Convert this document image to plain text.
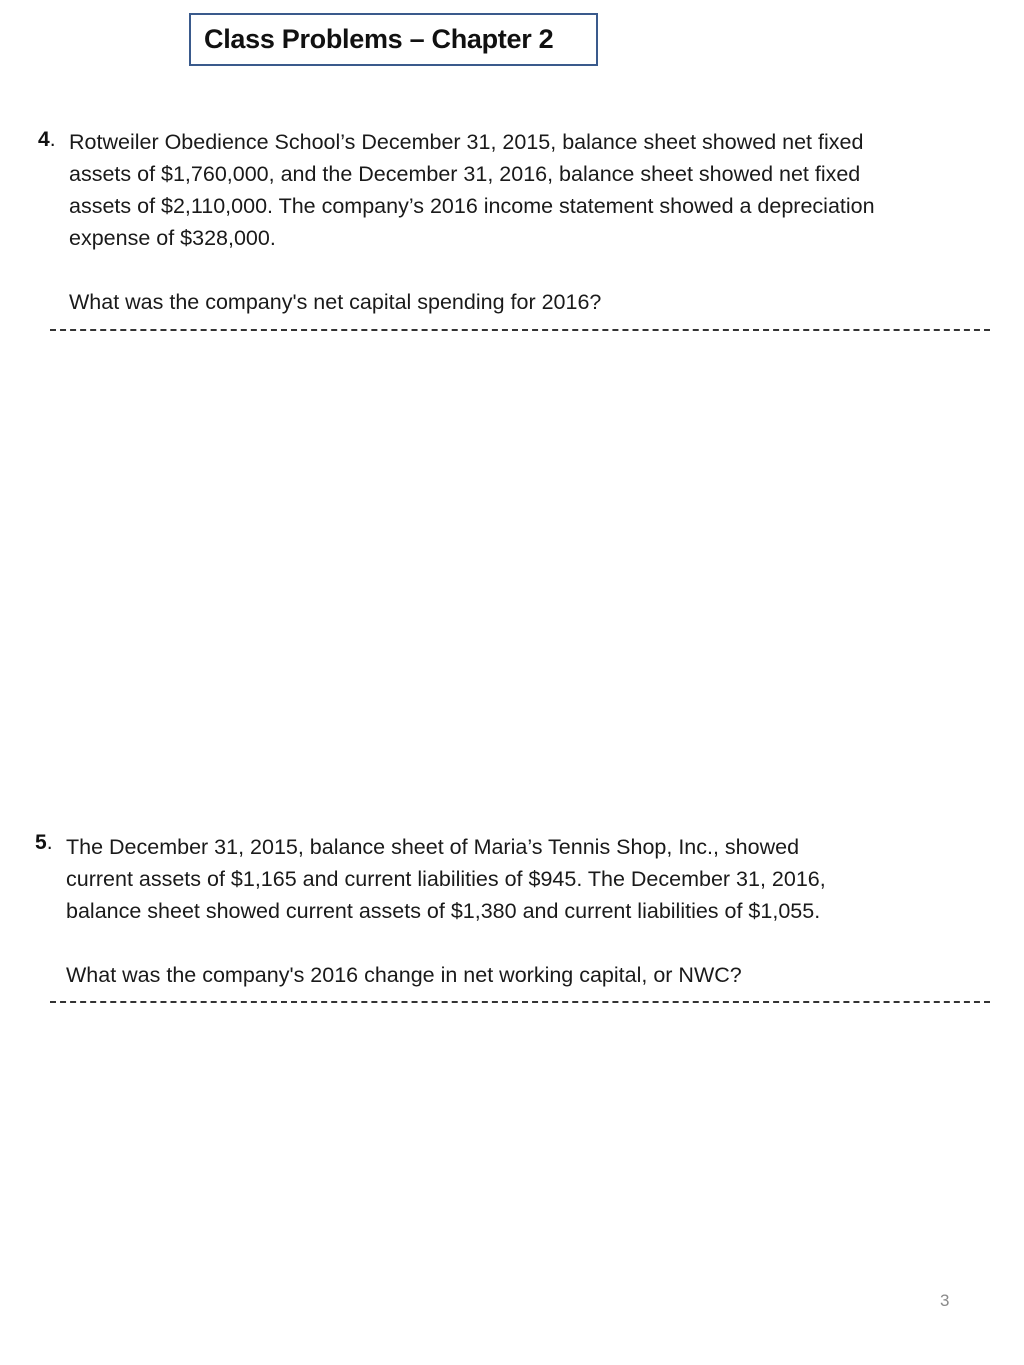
Class Problems – Chapter 2
4. Rotweiler Obedience School’s December 31, 2015, balance sheet showed net fixed

assets of $1,760,000, and the December 31, 2016, balance sheet showed net fixed

assets of $2,110,000. The company’s 2016 income statement showed a depreciation

expense of $328,000.

What was the company's net capital spending for 2016?

5. The December 31, 2015, balance sheet of Maria’s Tennis Shop, Inc., showed

current assets of $1,165 and current liabilities of $945. The December 31, 2016,

balance sheet showed current assets of $1,380 and current liabilities of $1,055.

What was the company's 2016 change in net working capital, or NWC?

3
